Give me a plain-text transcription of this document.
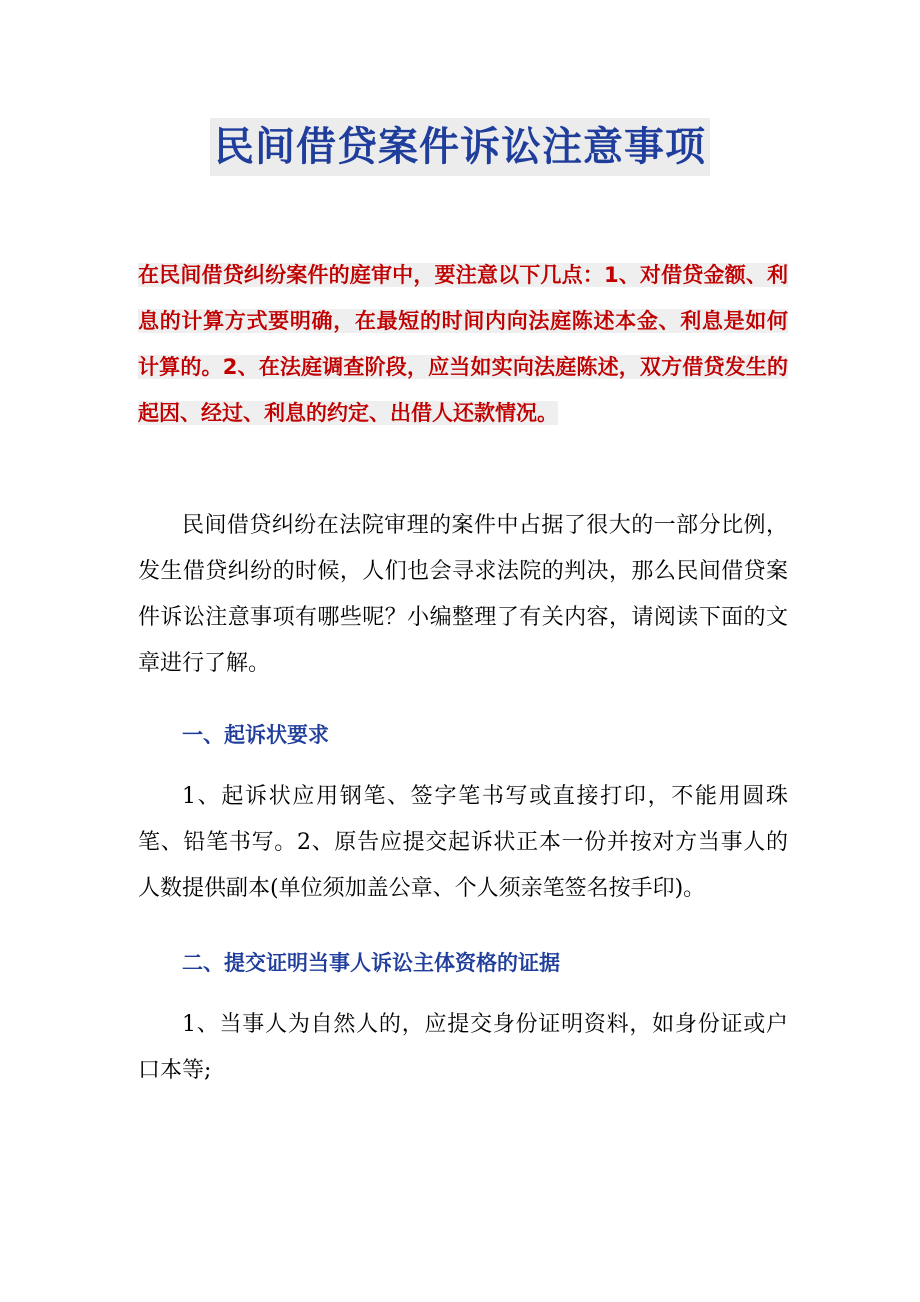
民间借贷案件诉讼注意事项

在民间借贷纠纷案件的庭审中，要注意以下几点：1、对借贷金额、利息的计算方式要明确，在最短的时间内向法庭陈述本金、利息是如何计算的。2、在法庭调查阶段，应当如实向法庭陈述，双方借贷发生的起因、经过、利息的约定、出借人还款情况。

民间借贷纠纷在法院审理的案件中占据了很大的一部分比例，发生借贷纠纷的时候，人们也会寻求法院的判决，那么民间借贷案件诉讼注意事项有哪些呢？小编整理了有关内容，请阅读下面的文章进行了解。

一、起诉状要求

1、起诉状应用钢笔、签字笔书写或直接打印，不能用圆珠笔、铅笔书写。2、原告应提交起诉状正本一份并按对方当事人的人数提供副本(单位须加盖公章、个人须亲笔签名按手印)。

二、提交证明当事人诉讼主体资格的证据

1、当事人为自然人的，应提交身份证明资料，如身份证或户口本等;
